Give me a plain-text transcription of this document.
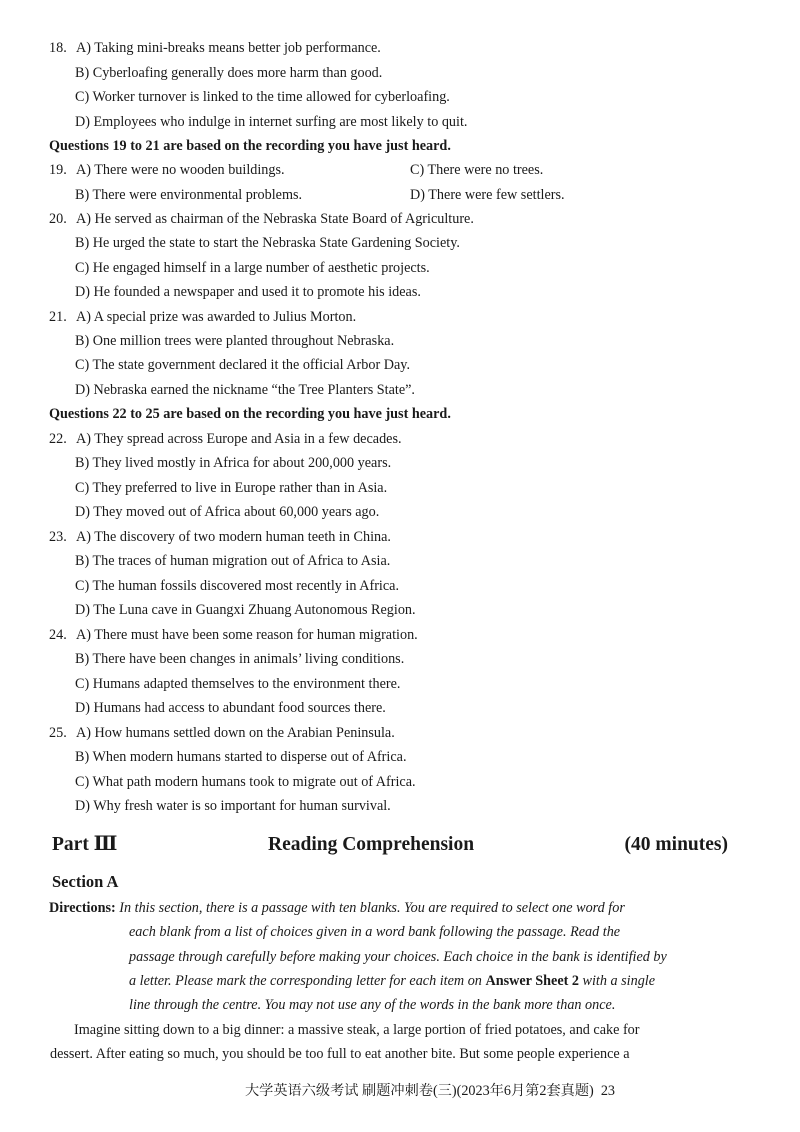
18. A) Taking mini-breaks means better job performance.
B) Cyberloafing generally does more harm than good.
C) Worker turnover is linked to the time allowed for cyberloafing.
D) Employees who indulge in internet surfing are most likely to quit.
Questions 19 to 21 are based on the recording you have just heard.
19. A) There were no wooden buildings.	C) There were no trees.
B) There were environmental problems.	D) There were few settlers.
20. A) He served as chairman of the Nebraska State Board of Agriculture.
B) He urged the state to start the Nebraska State Gardening Society.
C) He engaged himself in a large number of aesthetic projects.
D) He founded a newspaper and used it to promote his ideas.
21. A) A special prize was awarded to Julius Morton.
B) One million trees were planted throughout Nebraska.
C) The state government declared it the official Arbor Day.
D) Nebraska earned the nickname “the Tree Planters State”.
Questions 22 to 25 are based on the recording you have just heard.
22. A) They spread across Europe and Asia in a few decades.
B) They lived mostly in Africa for about 200,000 years.
C) They preferred to live in Europe rather than in Asia.
D) They moved out of Africa about 60,000 years ago.
23. A) The discovery of two modern human teeth in China.
B) The traces of human migration out of Africa to Asia.
C) The human fossils discovered most recently in Africa.
D) The Luna cave in Guangxi Zhuang Autonomous Region.
24. A) There must have been some reason for human migration.
B) There have been changes in animals’ living conditions.
C) Humans adapted themselves to the environment there.
D) Humans had access to abundant food sources there.
25. A) How humans settled down on the Arabian Peninsula.
B) When modern humans started to disperse out of Africa.
C) What path modern humans took to migrate out of Africa.
D) Why fresh water is so important for human survival.
Part Ⅲ	Reading Comprehension	(40 minutes)
Section A
Directions: In this section, there is a passage with ten blanks. You are required to select one word for
each blank from a list of choices given in a word bank following the passage. Read the
passage through carefully before making your choices. Each choice in the bank is identified by
a letter. Please mark the corresponding letter for each item on Answer Sheet 2 with a single
line through the centre. You may not use any of the words in the bank more than once.
Imagine sitting down to a big dinner: a massive steak, a large portion of fried potatoes, and cake for
dessert. After eating so much, you should be too full to eat another bite. But some people experience a
大学英语六级考试 刷题冲刺卷(三)(2023年6月第2套真题) 23
